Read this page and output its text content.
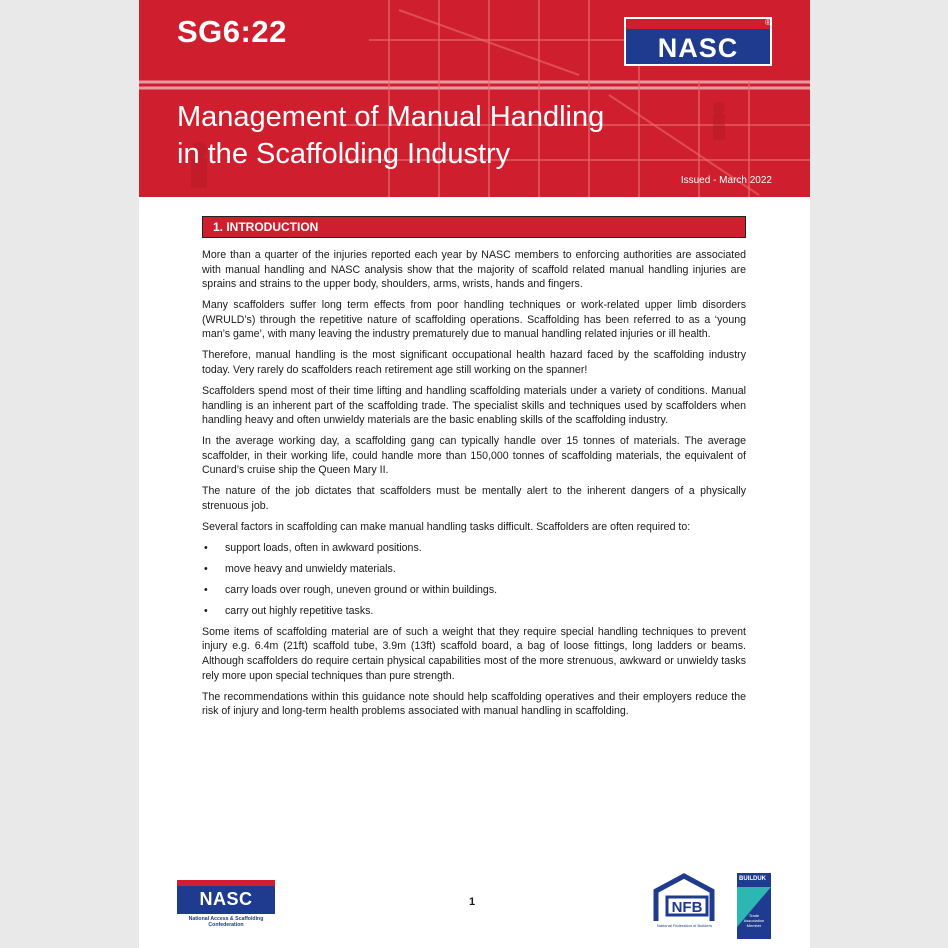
SG6:22	NASC
®
Management of Manual Handling
in the Scaffolding Industry
Issued - March 2022
1. INTRODUCTION

More than a quarter of the injuries reported each year by NASC members to enforcing authorities are associated with manual handling and NASC analysis show that the majority of scaffold related manual handling injuries are sprains and strains to the upper body, shoulders, arms, wrists, hands and fingers.

Many scaffolders suffer long term effects from poor handling techniques or work-related upper limb disorders (WRULD’s) through the repetitive nature of scaffolding operations. Scaffolding has been referred to as a ‘young man’s game’, with many leaving the industry prematurely due to manual handling related injuries or ill health.

Therefore, manual handling is the most significant occupational health hazard faced by the scaffolding industry today. Very rarely do scaffolders reach retirement age still working on the spanner!

Scaffolders spend most of their time lifting and handling scaffolding materials under a variety of conditions. Manual handling is an inherent part of the scaffolding trade. The specialist skills and techniques used by scaffolders when handling heavy and often unwieldy materials are the basic enabling skills of the scaffolding industry.

In the average working day, a scaffolding gang can typically handle over 15 tonnes of materials. The average scaffolder, in their working life, could handle more than 150,000 tonnes of scaffolding materials, the equivalent of Cunard’s cruise ship the Queen Mary II.

The nature of the job dictates that scaffolders must be mentally alert to the inherent dangers of a physically strenuous job.

Several factors in scaffolding can make manual handling tasks difficult. Scaffolders are often required to:

• support loads, often in awkward positions.
• move heavy and unwieldy materials.
• carry loads over rough, uneven ground or within buildings.
• carry out highly repetitive tasks.

Some items of scaffolding material are of such a weight that they require special handling techniques to prevent injury e.g. 6.4m (21ft) scaffold tube, 3.9m (13ft) scaffold board, a bag of loose fittings, long ladders or beams. Although scaffolders do require certain physical capabilities most of the more strenuous, awkward or unwieldy tasks rely more upon special techniques than pure strength.

The recommendations within this guidance note should help scaffolding operatives and their employers reduce the risk of injury and long-term health problems associated with manual handling in scaffolding.

NASC
National Access & Scaffolding
Confederation
1	NFB
National Federation of Builders
BUILDUK
Trade
Association
Member
